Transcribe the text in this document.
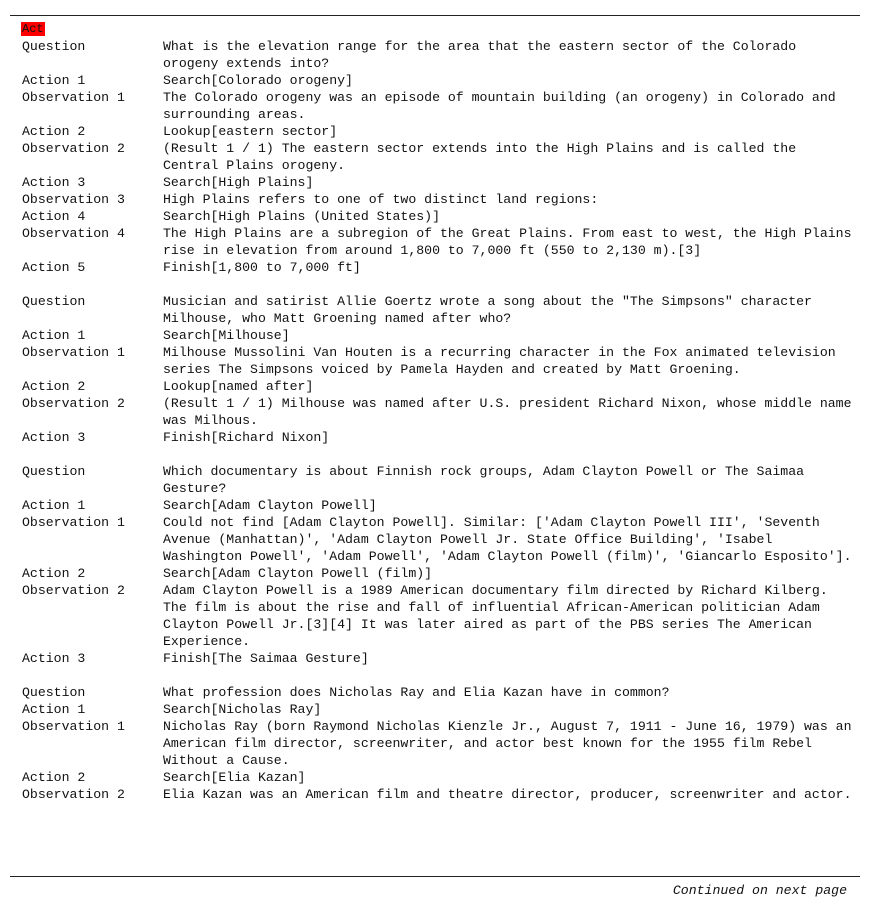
Act
Question	What is the elevation range for the area that the eastern sector of the Colorado orogeny extends into?
Action 1	Search[Colorado orogeny]
Observation 1	The Colorado orogeny was an episode of mountain building (an orogeny) in Colorado and surrounding areas.
Action 2	Lookup[eastern sector]
Observation 2	(Result 1 / 1) The eastern sector extends into the High Plains and is called the Central Plains orogeny.
Action 3	Search[High Plains]
Observation 3	High Plains refers to one of two distinct land regions:
Action 4	Search[High Plains (United States)]
Observation 4	The High Plains are a subregion of the Great Plains. From east to west, the High Plains rise in elevation from around 1,800 to 7,000 ft (550 to 2,130 m).[3]
Action 5	Finish[1,800 to 7,000 ft]
Question	Musician and satirist Allie Goertz wrote a song about the "The Simpsons" character Milhouse, who Matt Groening named after who?
Action 1	Search[Milhouse]
Observation 1	Milhouse Mussolini Van Houten is a recurring character in the Fox animated television series The Simpsons voiced by Pamela Hayden and created by Matt Groening.
Action 2	Lookup[named after]
Observation 2	(Result 1 / 1) Milhouse was named after U.S. president Richard Nixon, whose middle name was Milhous.
Action 3	Finish[Richard Nixon]
Question	Which documentary is about Finnish rock groups, Adam Clayton Powell or The Saimaa Gesture?
Action 1	Search[Adam Clayton Powell]
Observation 1	Could not find [Adam Clayton Powell]. Similar: ['Adam Clayton Powell III', 'Seventh Avenue (Manhattan)', 'Adam Clayton Powell Jr. State Office Building', 'Isabel Washington Powell', 'Adam Powell', 'Adam Clayton Powell (film)', 'Giancarlo Esposito'].
Action 2	Search[Adam Clayton Powell (film)]
Observation 2	Adam Clayton Powell is a 1989 American documentary film directed by Richard Kilberg. The film is about the rise and fall of influential African-American politician Adam Clayton Powell Jr.[3][4] It was later aired as part of the PBS series The American Experience.
Action 3	Finish[The Saimaa Gesture]
Question	What profession does Nicholas Ray and Elia Kazan have in common?
Action 1	Search[Nicholas Ray]
Observation 1	Nicholas Ray (born Raymond Nicholas Kienzle Jr., August 7, 1911 - June 16, 1979) was an American film director, screenwriter, and actor best known for the 1955 film Rebel Without a Cause.
Action 2	Search[Elia Kazan]
Observation 2	Elia Kazan was an American film and theatre director, producer, screenwriter and actor.
Continued on next page
